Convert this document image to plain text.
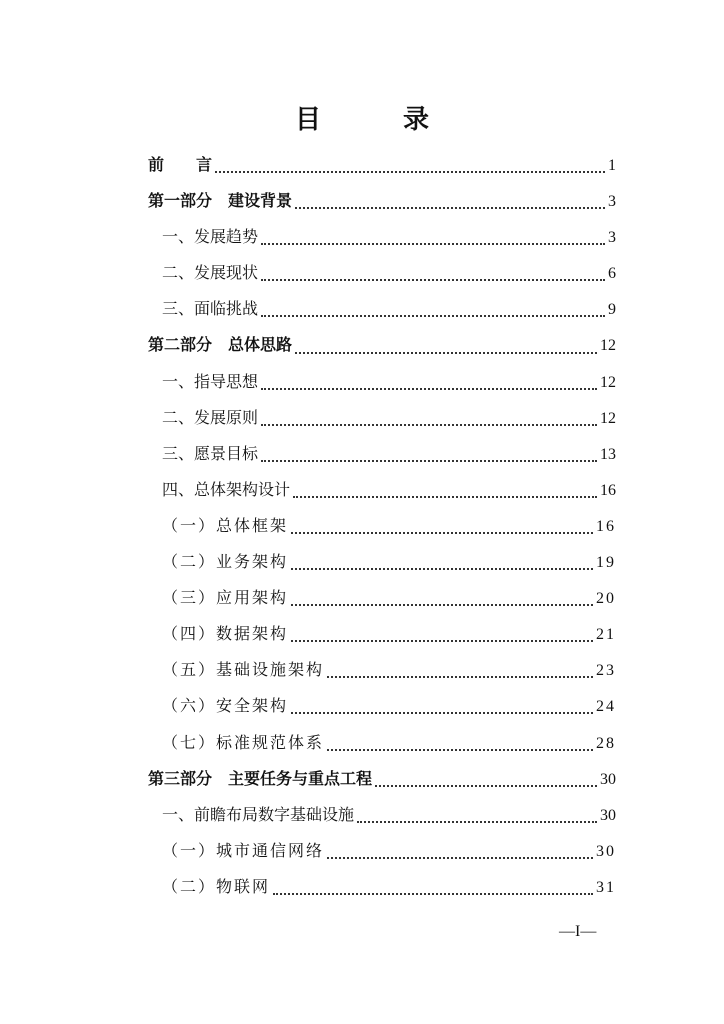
目　录
前　　言	1
第一部分　建设背景	3
一、发展趋势	3
二、发展现状	6
三、面临挑战	9
第二部分　总体思路	12
一、指导思想	12
二、发展原则	12
三、愿景目标	13
四、总体架构设计	16
（一）总体框架	16
（二）业务架构	19
（三）应用架构	20
（四）数据架构	21
（五）基础设施架构	23
（六）安全架构	24
（七）标准规范体系	28
第三部分　主要任务与重点工程	30
一、前瞻布局数字基础设施	30
（一）城市通信网络	30
（二）物联网	31
—I—
